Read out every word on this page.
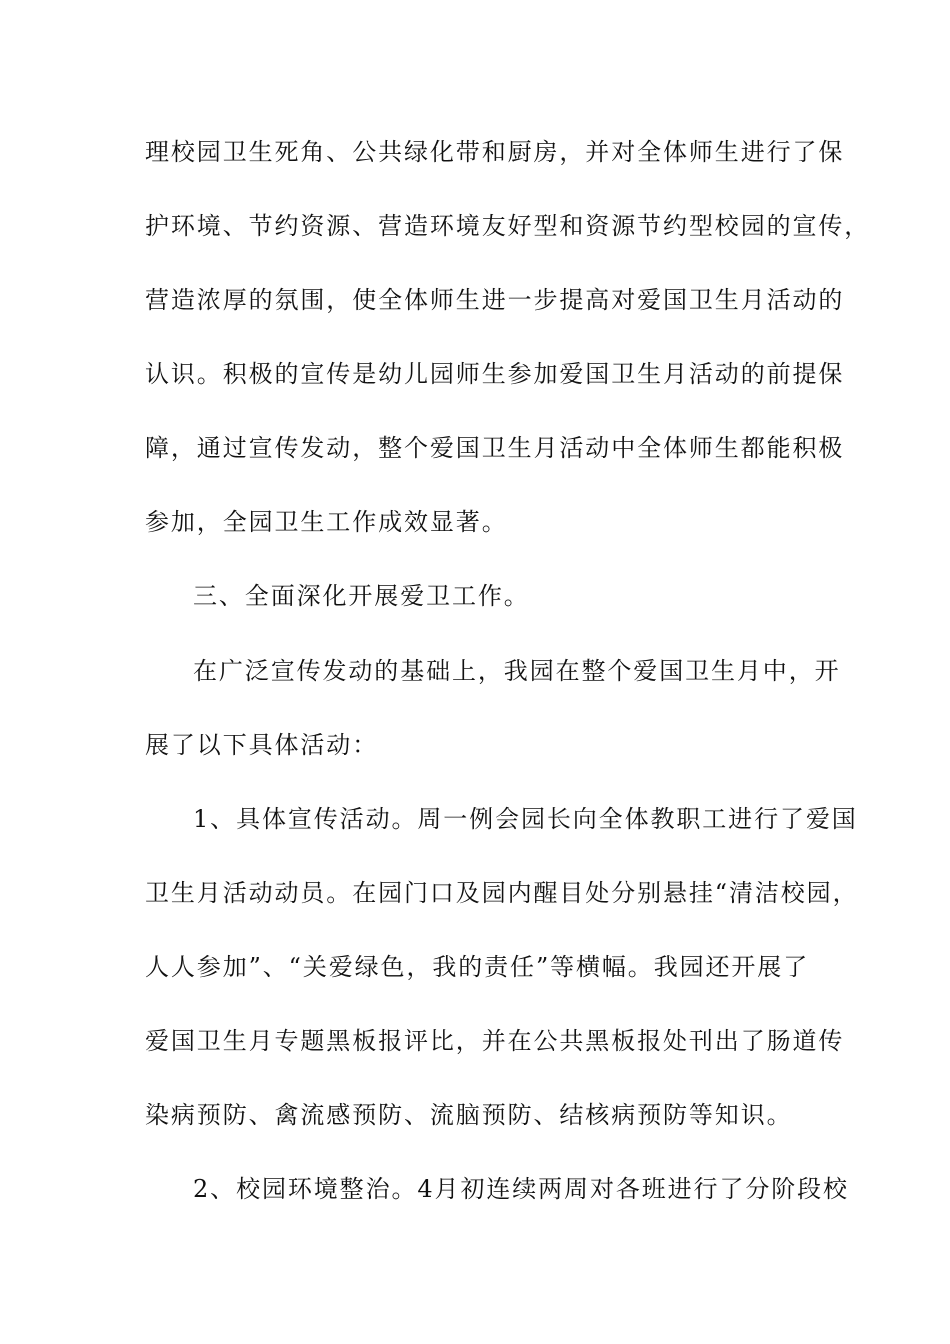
理校园卫生死角、公共绿化带和厨房，并对全体师生进行了保
护环境、节约资源、营造环境友好型和资源节约型校园的宣传，
营造浓厚的氛围，使全体师生进一步提高对爱国卫生月活动的
认识。积极的宣传是幼儿园师生参加爱国卫生月活动的前提保
障，通过宣传发动，整个爱国卫生月活动中全体师生都能积极
参加，全园卫生工作成效显著。
三、全面深化开展爱卫工作。
在广泛宣传发动的基础上，我园在整个爱国卫生月中，开
展了以下具体活动：
1、具体宣传活动。周一例会园长向全体教职工进行了爱国
卫生月活动动员。在园门口及园内醒目处分别悬挂“清洁校园，
人人参加”、“关爱绿色，我的责任”等横幅。我园还开展了
爱国卫生月专题黑板报评比，并在公共黑板报处刊出了肠道传
染病预防、禽流感预防、流脑预防、结核病预防等知识。
2、校园环境整治。4月初连续两周对各班进行了分阶段校
